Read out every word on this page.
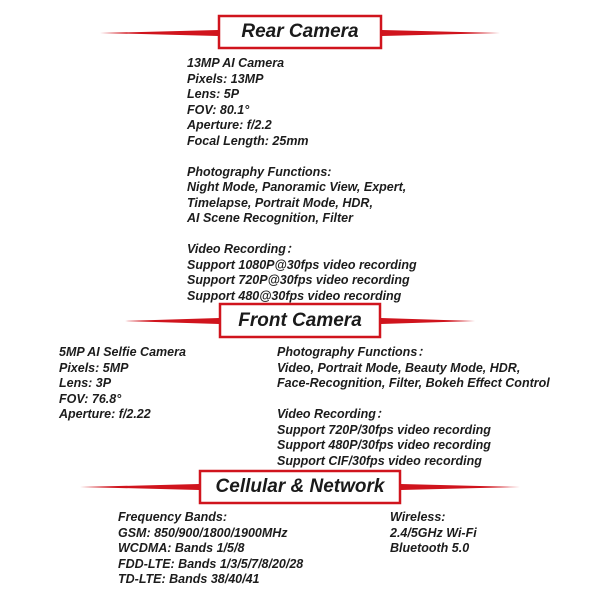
Rear Camera
13MP AI Camera
Pixels: 13MP
Lens: 5P
FOV: 80.1°
Aperture: f/2.2
Focal Length: 25mm
Photography Functions:
Night Mode, Panoramic View, Expert,
Timelapse, Portrait Mode, HDR,
AI Scene Recognition, Filter
Video Recording：
Support 1080P@30fps video recording
Support 720P@30fps video recording
Support 480@30fps video recording
Front Camera
5MP AI Selfie Camera
Pixels: 5MP
Lens: 3P
FOV: 76.8°
Aperture: f/2.22
Photography Functions：
Video, Portrait Mode, Beauty Mode, HDR,
Face-Recognition, Filter, Bokeh Effect Control
Video Recording：
Support 720P/30fps video recording
Support 480P/30fps video recording
Support CIF/30fps video recording
Cellular & Network
Frequency Bands:
GSM: 850/900/1800/1900MHz
WCDMA: Bands 1/5/8
FDD-LTE: Bands 1/3/5/7/8/20/28
TD-LTE: Bands 38/40/41
Wireless:
2.4/5GHz Wi-Fi
Bluetooth 5.0
